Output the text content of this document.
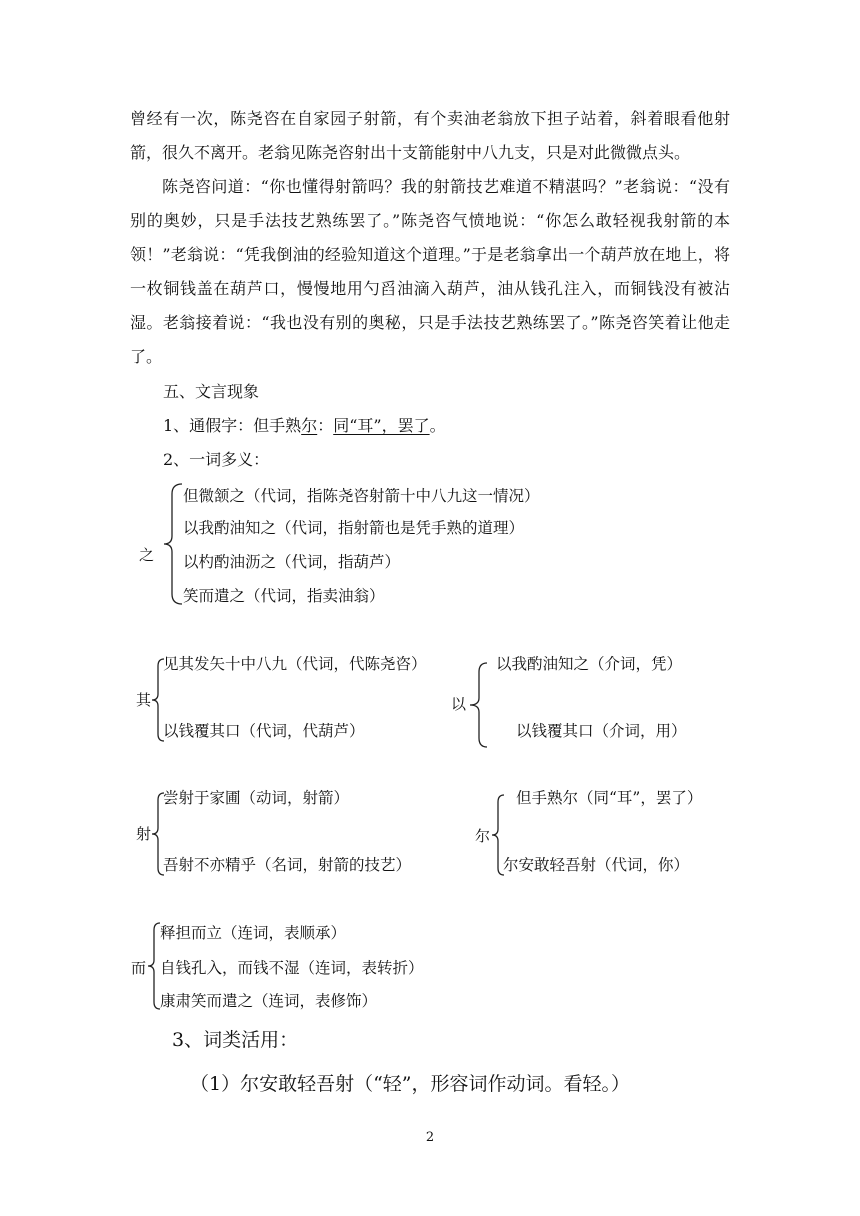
曾经有一次，陈尧咨在自家园子射箭，有个卖油老翁放下担子站着，斜着眼看他射箭，很久不离开。老翁见陈尧咨射出十支箭能射中八九支，只是对此微微点头。
陈尧咨问道：“你也懂得射箭吗？我的射箭技艺难道不精湛吗？”老翁说：“没有别的奥妙，只是手法技艺熟练罢了。”陈尧咨气愤地说：“你怎么敢轻视我射箭的本领！”老翁说：“凭我倒油的经验知道这个道理。”于是老翁拿出一个葫芦放在地上，将一枚铜钱盖在葫芦口，慢慢地用勺舀油滴入葫芦，油从钱孔注入，而铜钱没有被沾湿。老翁接着说：“我也没有别的奥秘，只是手法技艺熟练罢了。”陈尧咨笑着让他走了。
五、文言现象
1、通假字：但手熟尔：同“耳”，罢了。
2、一词多义：
之
但微颔之（代词，指陈尧咨射箭十中八九这一情况）
以我酌油知之（代词，指射箭也是凭手熟的道理）
以杓酌油沥之（代词，指葫芦）
笑而遣之（代词，指卖油翁）
其
见其发矢十中八九（代词，代陈尧咨）
以钱覆其口（代词，代葫芦）
以
以我酌油知之（介词，凭）
以钱覆其口（介词，用）
射
尝射于家圃（动词，射箭）
吾射不亦精乎（名词，射箭的技艺）
尔
但手熟尔（同“耳”，罢了）
尔安敢轻吾射（代词，你）
而
释担而立（连词，表顺承）
自钱孔入，而钱不湿（连词，表转折）
康肃笑而遣之（连词，表修饰）
3、词类活用：
（1）尔安敢轻吾射（“轻”，形容词作动词。看轻。）
2
